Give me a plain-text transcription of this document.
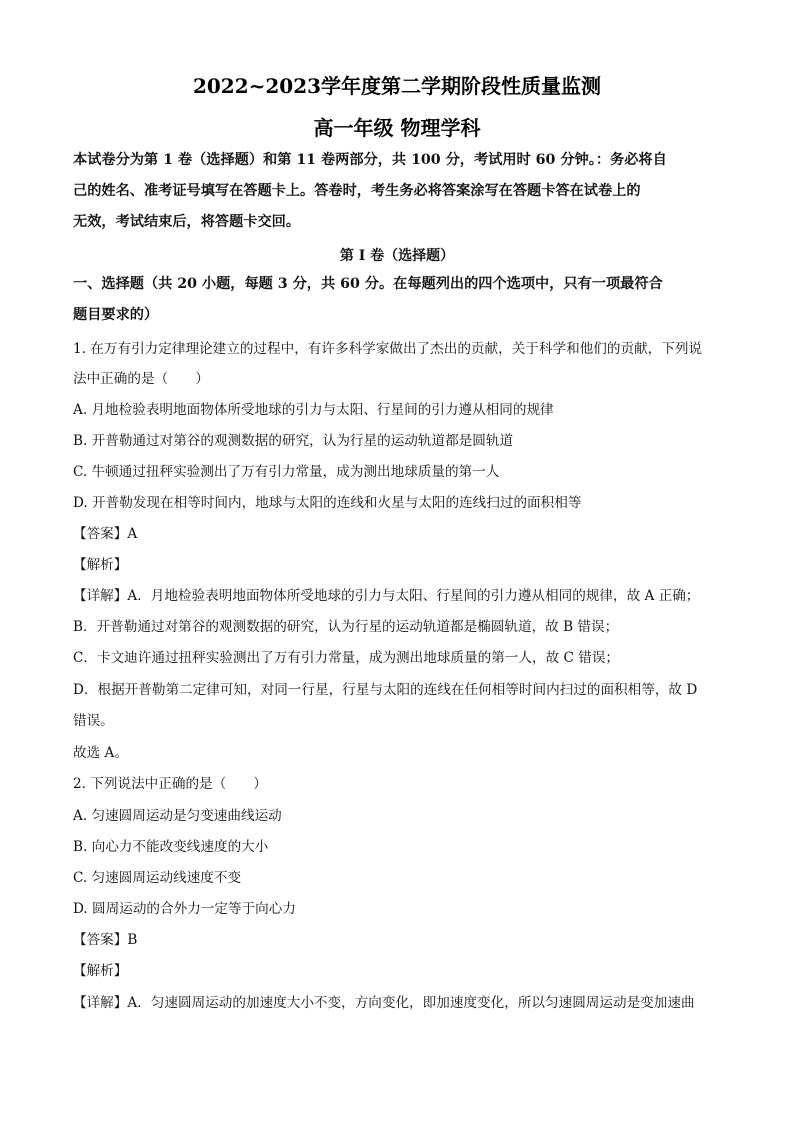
2022~2023学年度第二学期阶段性质量监测
高一年级 物理学科
本试卷分为第 1 卷（选择题）和第 11 卷两部分，共 100 分，考试用时 60 分钟。：务必将自
己的姓名、准考证号填写在答题卡上。答卷时，考生务必将答案涂写在答题卡答在试卷上的
无效，考试结束后，将答题卡交回。
第 I 卷（选择题）
一、选择题（共 20 小题，每题 3 分，共 60 分。在每题列出的四个选项中，只有一项最符合
题目要求的）
1. 在万有引力定律理论建立的过程中，有许多科学家做出了杰出的贡献，关于科学和他们的贡献，下列说
法中正确的是（　　）
A. 月地检验表明地面物体所受地球的引力与太阳、行星间的引力遵从相同的规律
B. 开普勒通过对第谷的观测数据的研究，认为行星的运动轨道都是圆轨道
C. 牛顿通过扭秤实验测出了万有引力常量，成为测出地球质量的第一人
D. 开普勒发现在相等时间内，地球与太阳的连线和火星与太阳的连线扫过的面积相等
【答案】A
【解析】
【详解】A．月地检验表明地面物体所受地球的引力与太阳、行星间的引力遵从相同的规律，故 A 正确；
B．开普勒通过对第谷的观测数据的研究，认为行星的运动轨道都是椭圆轨道，故 B 错误；
C．卡文迪许通过扭秤实验测出了万有引力常量，成为测出地球质量的第一人，故 C 错误；
D．根据开普勒第二定律可知，对同一行星，行星与太阳的连线在任何相等时间内扫过的面积相等，故 D
错误。
故选 A。
2. 下列说法中正确的是（　　）
A. 匀速圆周运动是匀变速曲线运动
B. 向心力不能改变线速度的大小
C. 匀速圆周运动线速度不变
D. 圆周运动的合外力一定等于向心力
【答案】B
【解析】
【详解】A．匀速圆周运动的加速度大小不变，方向变化，即加速度变化，所以匀速圆周运动是变加速曲
